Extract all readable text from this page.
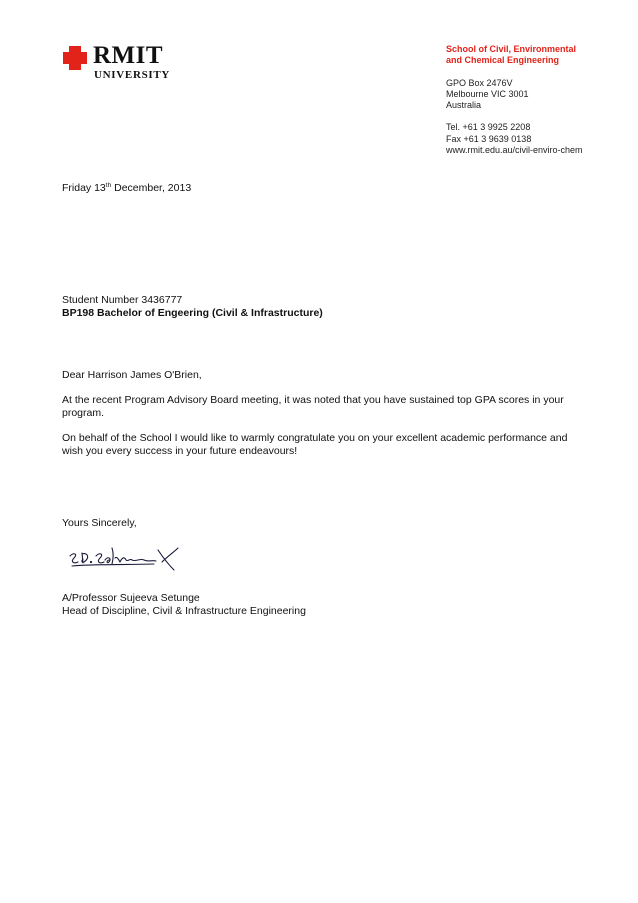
RMIT
UNIVERSITY
School of Civil, Environmental
and Chemical Engineering
GPO Box 2476V
Melbourne VIC 3001
Australia
Tel. +61 3 9925 2208
Fax +61 3 9639 0138
www.rmit.edu.au/civil-enviro-chem
Friday 13th December, 2013

Student Number 3436777

BP198 Bachelor of Engeering (Civil & Infrastructure)

Dear Harrison James O'Brien,

At the recent Program Advisory Board meeting, it was noted that you have sustained top GPA scores in your program.

On behalf of the School I would like to warmly congratulate you on your excellent academic performance and wish you every success in your future endeavours!

Yours Sincerely,

A/Professor Sujeeva Setunge

Head of Discipline, Civil & Infrastructure Engineering
